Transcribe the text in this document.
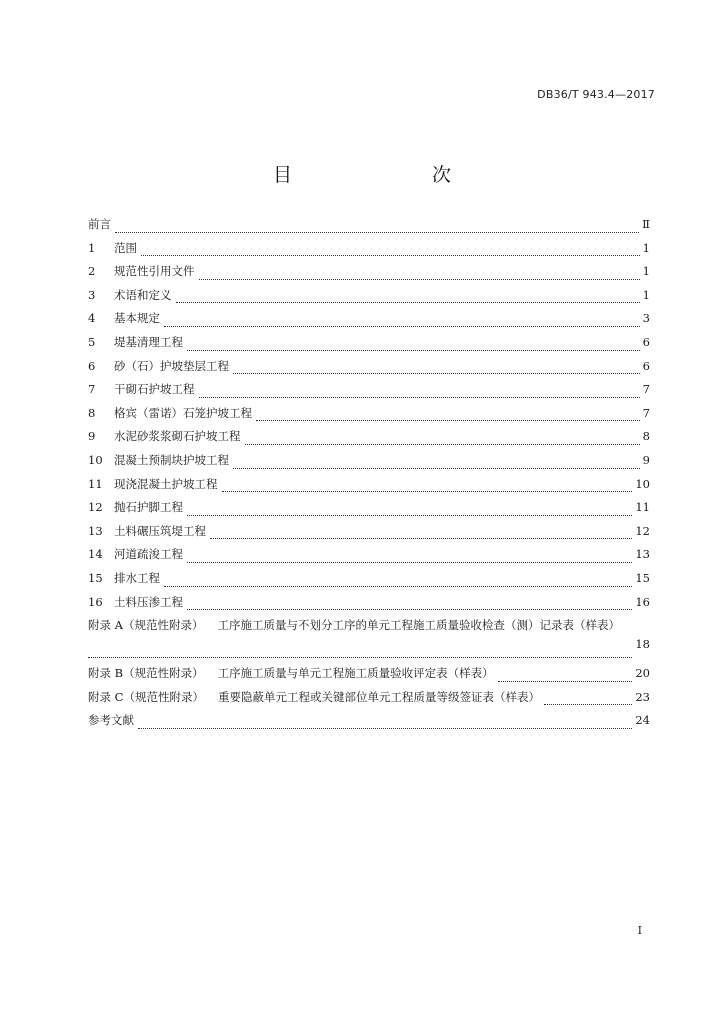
DB36/T 943.4—2017
目　　次
前言	Ⅱ
1	范围	1
2	规范性引用文件	1
3	术语和定义	1
4	基本规定	3
5	堤基清理工程	6
6	砂（石）护坡垫层工程	6
7	干砌石护坡工程	7
8	格宾（雷诺）石笼护坡工程	7
9	水泥砂浆浆砌石护坡工程	8
10 混凝土预制块护坡工程	9
11 现浇混凝土护坡工程	10
12 抛石护脚工程	11
13 土料碾压筑堤工程	12
14 河道疏浚工程	13
15 排水工程	15
16 土料压渗工程	16
附录 A（规范性附录） 工序施工质量与不划分工序的单元工程施工质量验收检查（测）记录表（样表）
18
附录 B（规范性附录） 工序施工质量与单元工程施工质量验收评定表（样表）	20
附录 C（规范性附录） 重要隐蔽单元工程或关键部位单元工程质量等级签证表（样表）	23
参考文献	24
I
